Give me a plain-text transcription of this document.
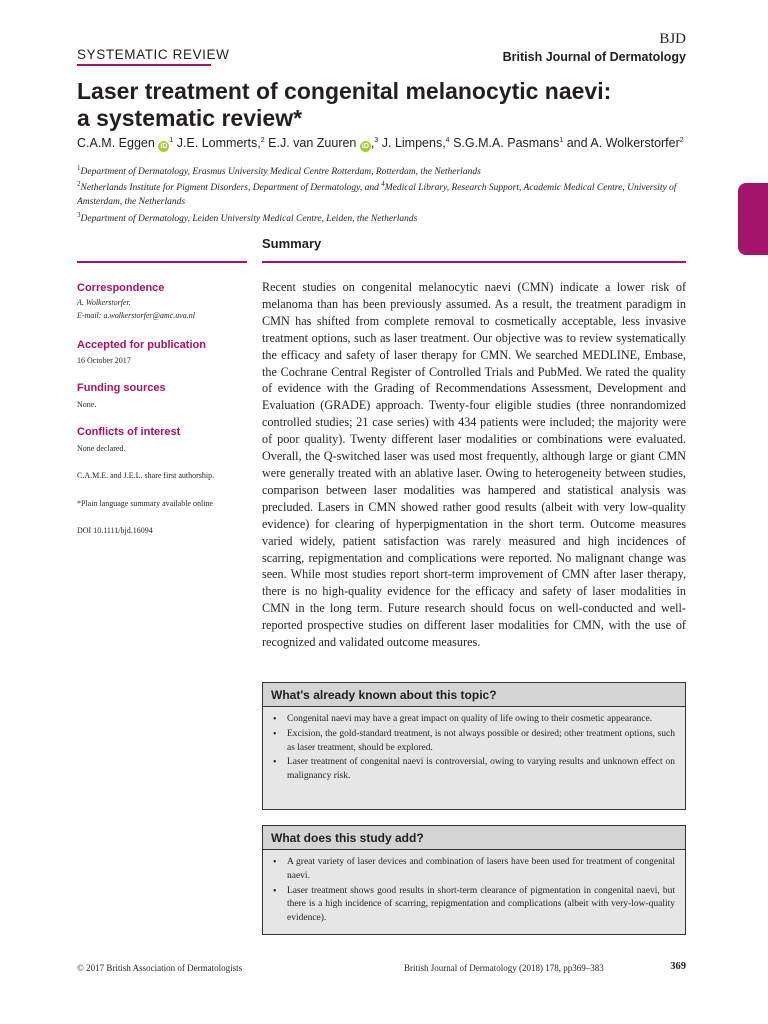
SYSTEMATIC REVIEW
BJD
British Journal of Dermatology
Laser treatment of congenital melanocytic naevi:
a systematic review*
C.A.M. Eggen $iD^1$ J.E. Lommerts,$^2$ E.J. van Zuuren iD ,$^3$ J. Limpens,$^4$ S.G.M.A. Pasmans$^1$ and A. Wolkerstorfer$^2$
$^1$Department of Dermatology, Erasmus University Medical Centre Rotterdam, Rotterdam, the Netherlands
$^2$Netherlands Institute for Pigment Disorders, Department of Dermatology, and $^4$Medical Library, Research Support, Academic Medical Centre, University of
Amsterdam, the Netherlands
$^3$Department of Dermatology, Leiden University Medical Centre, Leiden, the Netherlands
Summary
Correspondence
A. Wolkerstorfer.
E-mail: a.wolkerstorfer@amc.uva.nl
Accepted for publication
16 October 2017
Funding sources
None.
Conflicts of interest
None declared.
C.A.M.E. and J.E.L. share first authorship.
*Plain language summary available online
DOI 10.1111/bjd.16094

Recent studies on congenital melanocytic naevi (CMN) indicate a lower risk of melanoma than has been previously assumed. As a result, the treatment paradigm in CMN has shifted from complete removal to cosmetically acceptable, less invasive treatment options, such as laser treatment. Our objective was to review systematically the efficacy and safety of laser therapy for CMN. We searched MEDLINE, Embase, the Cochrane Central Register of Controlled Trials and PubMed. We rated the quality of evidence with the Grading of Recommendations Assessment, Development and Evaluation (GRADE) approach. Twenty-four eligible studies (three nonrandomized controlled studies; 21 case series) with 434 patients were included; the majority were of poor quality). Twenty different laser modalities or combinations were evaluated. Overall, the Q-switched laser was used most frequently, although large or giant CMN were generally treated with an ablative laser. Owing to heterogeneity between studies, comparison between laser modalities was hampered and statistical analysis was precluded. Lasers in CMN showed rather good results (albeit with very low-quality evidence) for clearing of hyperpigmentation in the short term. Outcome measures varied widely, patient satisfaction was rarely measured and high incidences of scarring, repigmentation and complications were reported. No malignant change was seen. While most studies report short-term improvement of CMN after laser therapy, there is no high-quality evidence for the efficacy and safety of laser modalities in CMN in the long term. Future research should focus on well-conducted and well-reported prospective studies on different laser modalities for CMN, with the use of recognized and validated outcome measures.

What's already known about this topic?
• Congenital naevi may have a great impact on quality of life owing to their cosmetic appearance.
• Excision, the gold-standard treatment, is not always possible or desired; other treatment options, such as laser treatment, should be explored.
• Laser treatment of congenital naevi is controversial, owing to varying results and unknown effect on malignancy risk.
What does this study add?
• A great variety of laser devices and combination of lasers have been used for treatment of congenital naevi.
• Laser treatment shows good results in short-term clearance of pigmentation in congenital naevi, but there is a high incidence of scarring, repigmentation and complications (albeit with very-low-quality evidence).
© 2017 British Association of Dermatologists	British Journal of Dermatology (2018) 178, pp369–383	369
